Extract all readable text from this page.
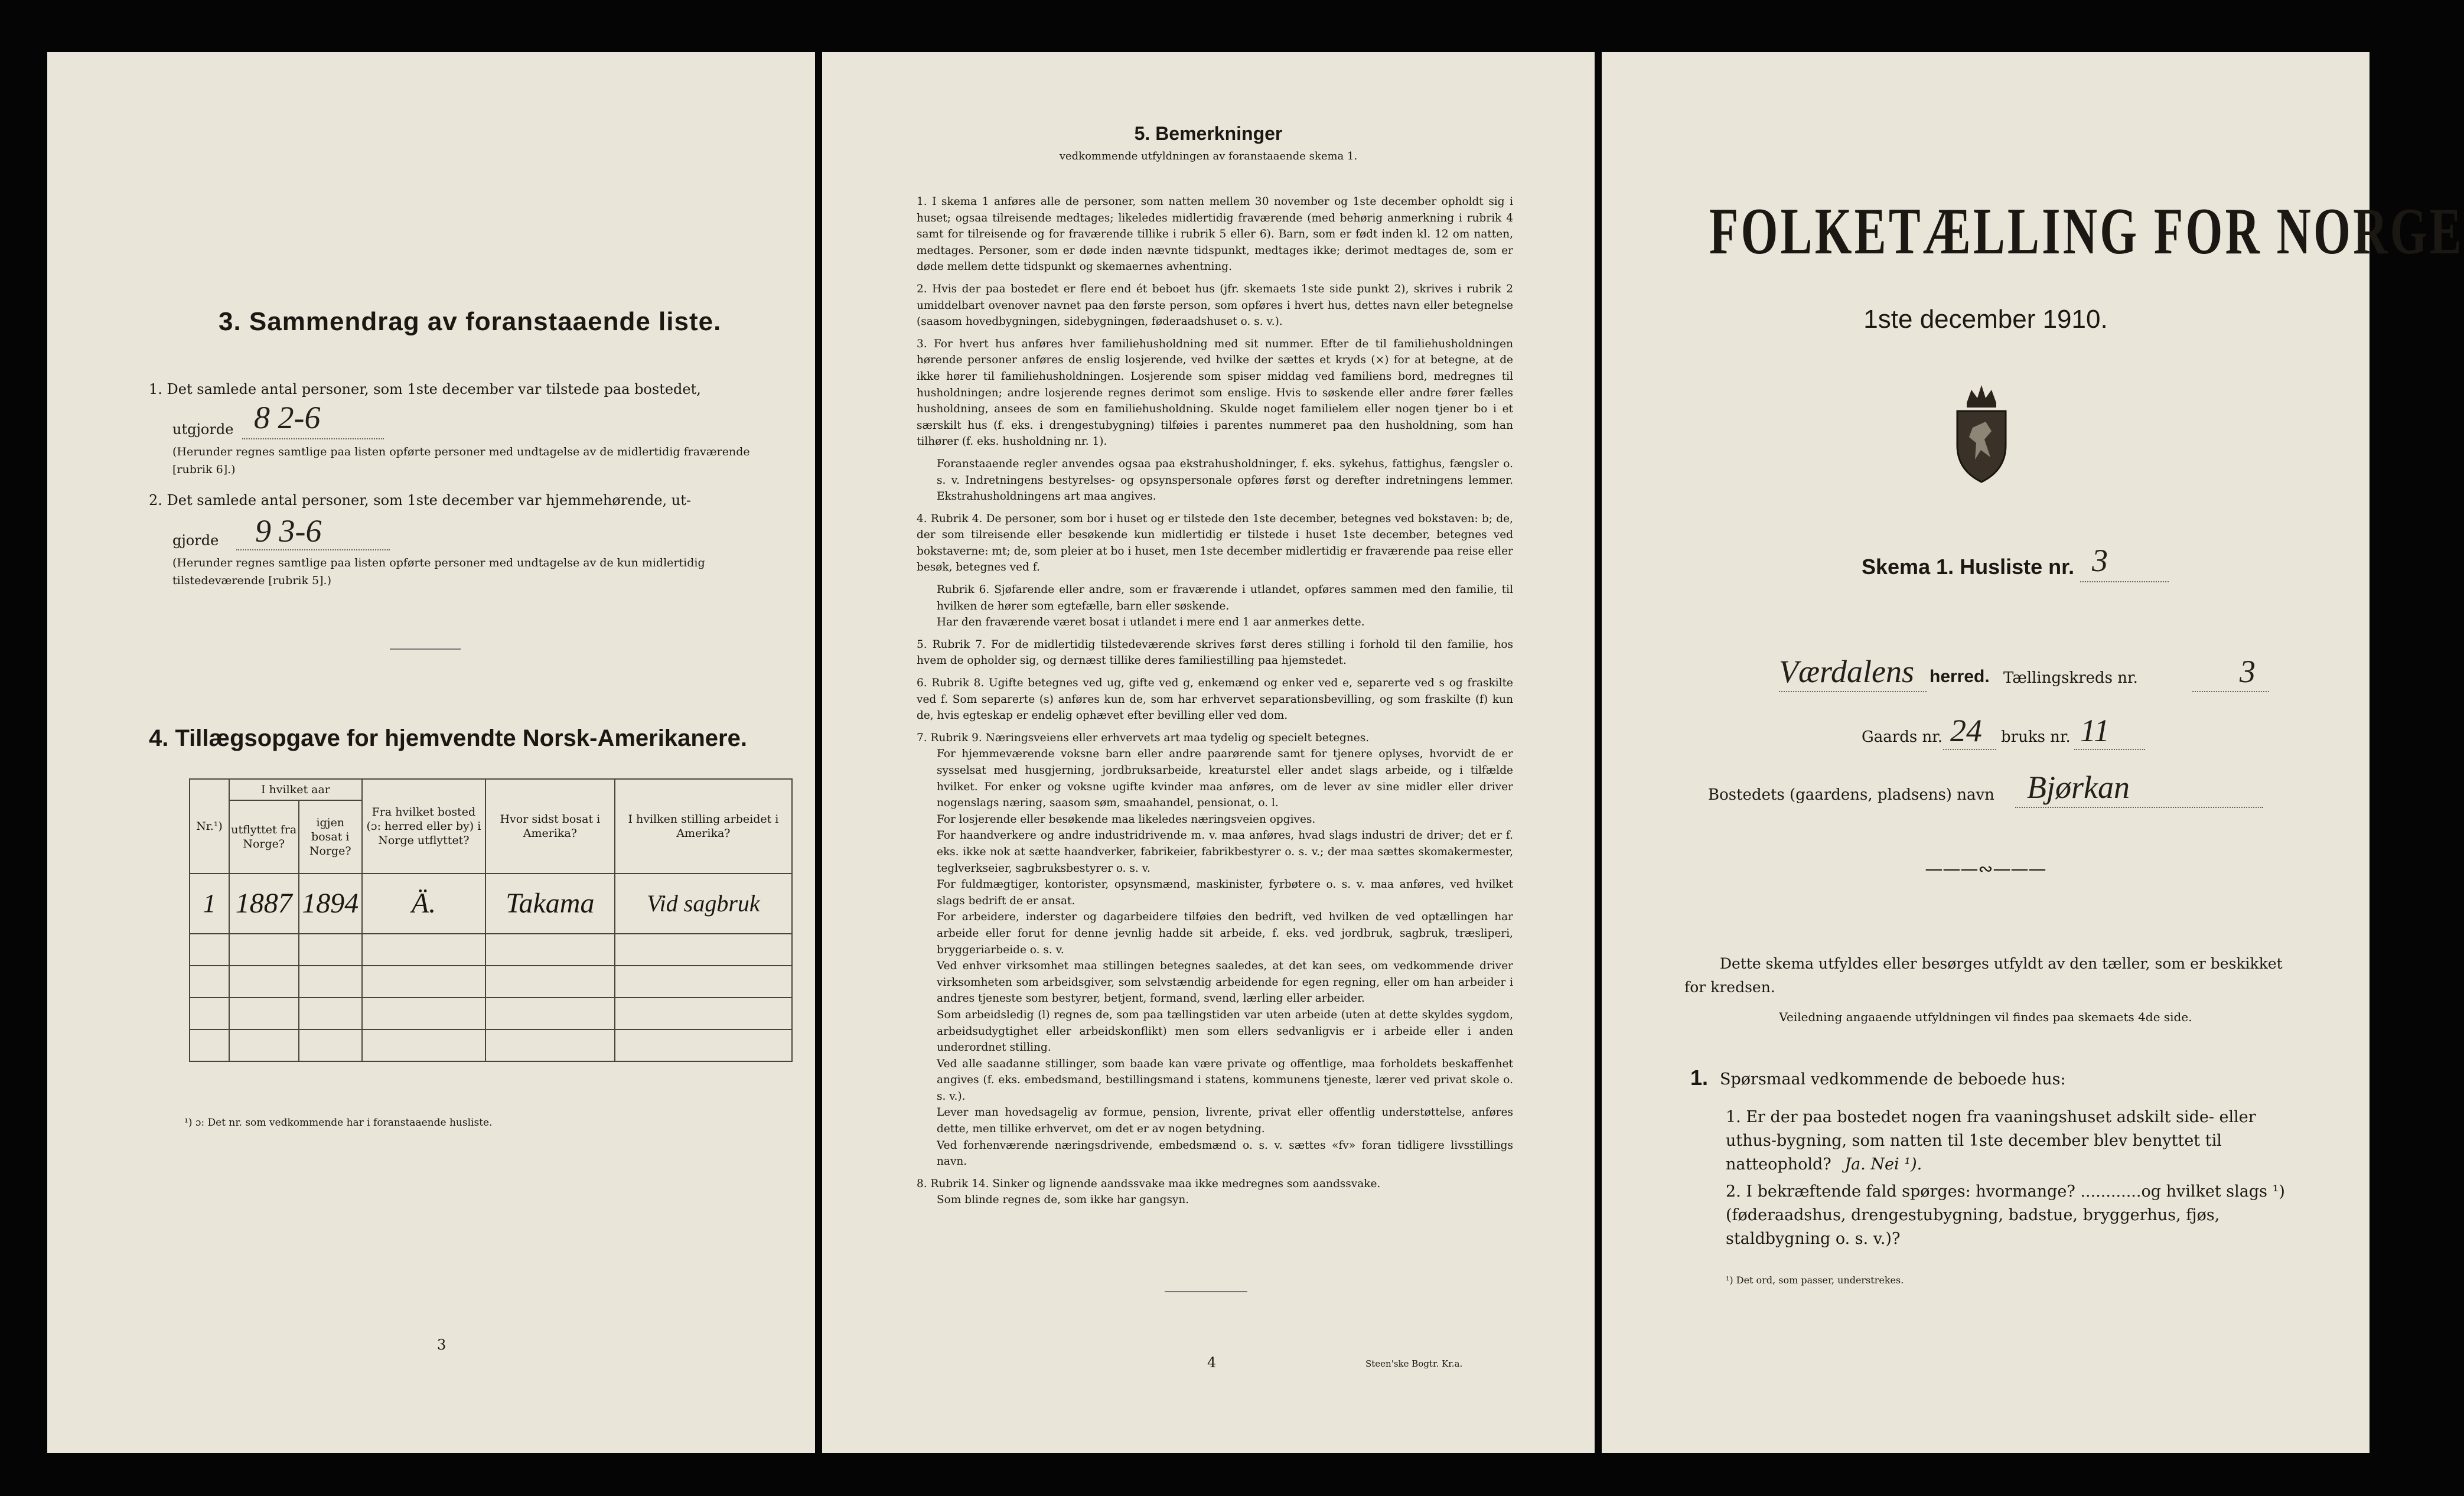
3. Sammendrag av foranstaaende liste.
1. Det samlede antal personer, som 1ste december var tilstede paa bostedet,
utgjorde 8 2-6
(Herunder regnes samtlige paa listen opførte personer med undtagelse av de midlertidig fraværende [rubrik 6].)
2. Det samlede antal personer, som 1ste december var hjemmehørende, ut-
gjorde 9 3-6
(Herunder regnes samtlige paa listen opførte personer med undtagelse av de kun midlertidig tilstedeværende [rubrik 5].)
4. Tillægsopgave for hjemvendte Norsk-Amerikanere.
Nr.¹)	I hvilket aar		Fra hvilket bosted (ɔ: herred eller by) i Norge utflyttet?	Hvor sidst bosat i Amerika?	I hvilken stilling arbeidet i Amerika?
	utflyttet fra Norge?	igjen bosat i Norge?			
1	1887	1894	Ä.	Takama	Vid sagbruk

¹) ɔ: Det nr. som vedkommende har i foranstaaende husliste.
3
5. Bemerkninger
vedkommende utfyldningen av foranstaaende skema 1.

1. I skema 1 anføres alle de personer, som natten mellem 30 november og 1ste december opholdt sig i huset; ogsaa tilreisende medtages; likeledes midlertidig fraværende (med behørig anmerkning i rubrik 4 samt for tilreisende og for fraværende tillike i rubrik 5 eller 6). Barn, som er født inden kl. 12 om natten, medtages. Personer, som er døde inden nævnte tidspunkt, medtages ikke; derimot medtages de, som er døde mellem dette tidspunkt og skemaernes avhentning.

2. Hvis der paa bostedet er flere end ét beboet hus (jfr. skemaets 1ste side punkt 2), skrives i rubrik 2 umiddelbart ovenover navnet paa den første person, som opføres i hvert hus, dettes navn eller betegnelse (saasom hovedbygningen, sidebygningen, føderaadshuset o. s. v.).

3. For hvert hus anføres hver familiehusholdning med sit nummer. Efter de til familiehusholdningen hørende personer anføres de enslig losjerende, ved hvilke der sættes et kryds (×) for at betegne, at de ikke hører til familiehusholdningen. Losjerende som spiser middag ved familiens bord, medregnes til husholdningen; andre losjerende regnes derimot som enslige. Hvis to søskende eller andre fører fælles husholdning, ansees de som en familiehusholdning. Skulde noget familielem eller nogen tjener bo i et særskilt hus (f. eks. i drengestubygning) tilføies i parentes nummeret paa den husholdning, som han tilhører (f. eks. husholdning nr. 1).

Foranstaaende regler anvendes ogsaa paa ekstrahusholdninger, f. eks. sykehus, fattighus, fængsler o. s. v. Indretningens bestyrelses- og opsynspersonale opføres først og derefter indretningens lemmer. Ekstrahusholdningens art maa angives.

4. Rubrik 4. De personer, som bor i huset og er tilstede den 1ste december, betegnes ved bokstaven: b; de, der som tilreisende eller besøkende kun midlertidig er tilstede i huset 1ste december, betegnes ved bokstaverne: mt; de, som pleier at bo i huset, men 1ste december midlertidig er fraværende paa reise eller besøk, betegnes ved f.

Rubrik 6. Sjøfarende eller andre, som er fraværende i utlandet, opføres sammen med den familie, til hvilken de hører som egtefælle, barn eller søskende.

Har den fraværende været bosat i utlandet i mere end 1 aar anmerkes dette.

5. Rubrik 7. For de midlertidig tilstedeværende skrives først deres stilling i forhold til den familie, hos hvem de opholder sig, og dernæst tillike deres familiestilling paa hjemstedet.

6. Rubrik 8. Ugifte betegnes ved ug, gifte ved g, enkemænd og enker ved e, separerte ved s og fraskilte ved f. Som separerte (s) anføres kun de, som har erhvervet separationsbevilling, og som fraskilte (f) kun de, hvis egteskap er endelig ophævet efter bevilling eller ved dom.

7. Rubrik 9. Næringsveiens eller erhvervets art maa tydelig og specielt betegnes.

For hjemmeværende voksne barn eller andre paarørende samt for tjenere oplyses, hvorvidt de er sysselsat med husgjerning, jordbruksarbeide, kreaturstel eller andet slags arbeide, og i tilfælde hvilket. For enker og voksne ugifte kvinder maa anføres, om de lever av sine midler eller driver nogenslags næring, saasom søm, smaahandel, pensionat, o. l.

For losjerende eller besøkende maa likeledes næringsveien opgives.

For haandverkere og andre industridrivende m. v. maa anføres, hvad slags industri de driver; det er f. eks. ikke nok at sætte haandverker, fabrikeier, fabrikbestyrer o. s. v.; der maa sættes skomakermester, teglverkseier, sagbruksbestyrer o. s. v.

For fuldmægtiger, kontorister, opsynsmænd, maskinister, fyrbøtere o. s. v. maa anføres, ved hvilket slags bedrift de er ansat.

For arbeidere, inderster og dagarbeidere tilføies den bedrift, ved hvilken de ved optællingen har arbeide eller forut for denne jevnlig hadde sit arbeide, f. eks. ved jordbruk, sagbruk, træsliperi, bryggeriarbeide o. s. v.

Ved enhver virksomhet maa stillingen betegnes saaledes, at det kan sees, om vedkommende driver virksomheten som arbeidsgiver, som selvstændig arbeidende for egen regning, eller om han arbeider i andres tjeneste som bestyrer, betjent, formand, svend, lærling eller arbeider.

Som arbeidsledig (l) regnes de, som paa tællingstiden var uten arbeide (uten at dette skyldes sygdom, arbeidsudygtighet eller arbeidskonflikt) men som ellers sedvanligvis er i arbeide eller i anden underordnet stilling.

Ved alle saadanne stillinger, som baade kan være private og offentlige, maa forholdets beskaffenhet angives (f. eks. embedsmand, bestillingsmand i statens, kommunens tjeneste, lærer ved privat skole o. s. v.).

Lever man hovedsagelig av formue, pension, livrente, privat eller offentlig understøttelse, anføres dette, men tillike erhvervet, om det er av nogen betydning.

Ved forhenværende næringsdrivende, embedsmænd o. s. v. sættes «fv» foran tidligere livsstillings navn.

8. Rubrik 14. Sinker og lignende aandssvake maa ikke medregnes som aandssvake.

Som blinde regnes de, som ikke har gangsyn.

4	Steen'ske Bogtr. Kr.a.
FOLKETÆLLING FOR NORGE
1ste december 1910.
Skema 1. Husliste nr. 3
Værdalens herred. Tællingskreds nr.	3
Gaards nr. 24 bruks nr. 11
Bostedets (gaardens, pladsens) navn Bjørkan
———∾———
Dette skema utfyldes eller besørges utfyldt av den tæller, som er beskikket for kredsen.
Veiledning angaaende utfyldningen vil findes paa skemaets 4de side.
1. Spørsmaal vedkommende de beboede hus:
1. Er der paa bostedet nogen fra vaaningshuset adskilt side- eller uthus-bygning, som natten til 1ste december blev benyttet til natteophold? Ja. Nei ¹).
2. I bekræftende fald spørges: hvormange? ............og hvilket slags ¹) (føderaadshus, drengestubygning, badstue, bryggerhus, fjøs, staldbygning o. s. v.)?
¹) Det ord, som passer, understrekes.
